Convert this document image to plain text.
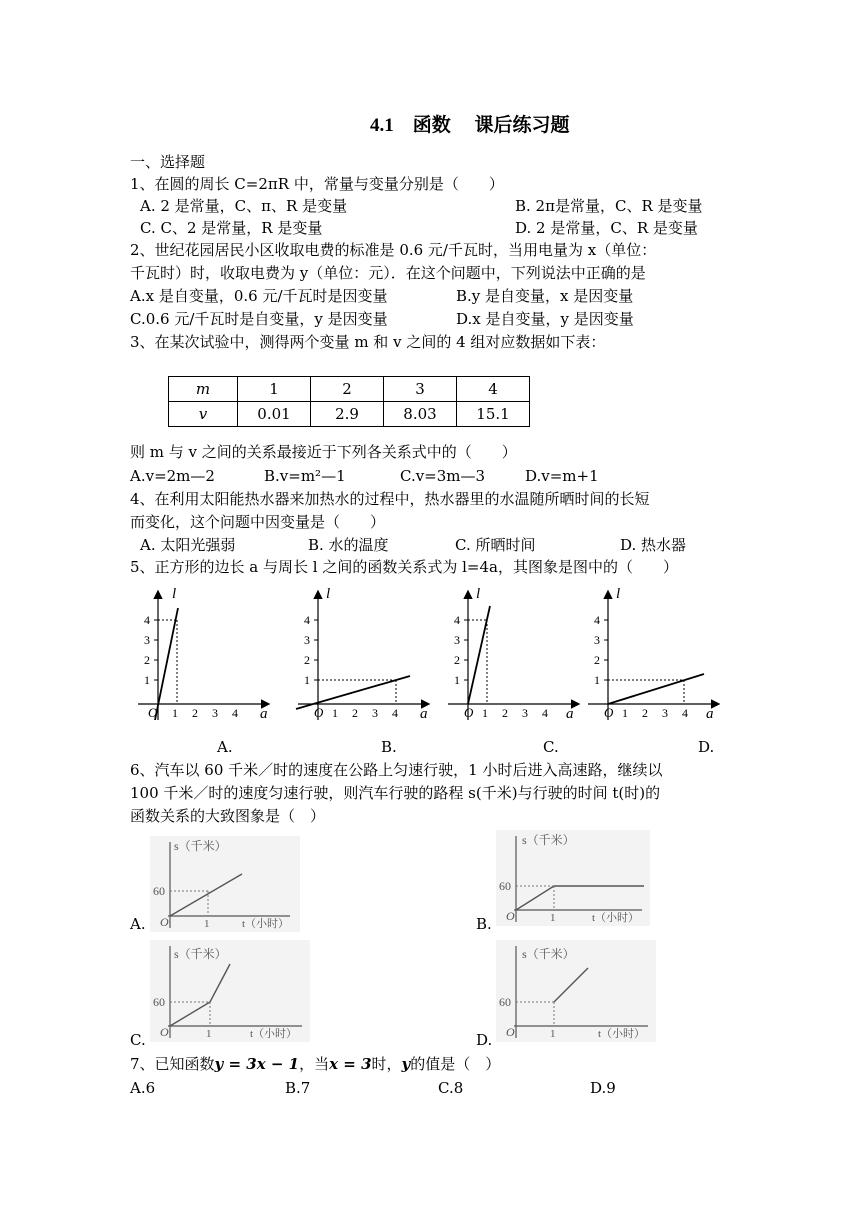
4.1　函数　 课后练习题
一、选择题
1、在圆的周长 C=2πR 中，常量与变量分别是（　　）
A. 2 是常量，C、π、R 是变量	B. 2π是常量，C、R 是变量
C. C、2 是常量，R 是变量	D. 2 是常量，C、R 是变量
2、世纪花园居民小区收取电费的标准是 0.6 元/千瓦时，当用电量为 x（单位：
千瓦时）时，收取电费为 y（单位：元）．在这个问题中，下列说法中正确的是
A.x 是自变量，0.6 元/千瓦时是因变量	B.y 是自变量，x 是因变量
C.0.6 元/千瓦时是自变量，y 是因变量	D.x 是自变量，y 是因变量
3、在某次试验中，测得两个变量 m 和 v 之间的 4 组对应数据如下表：
m	1	2	3	4
v	0.01	2.9	8.03	15.1
则 m 与 v 之间的关系最接近于下列各关系式中的（　　）
A.v=2m—2	B.v=m²—1	C.v=3m—3	D.v=m+1
4、在利用太阳能热水器来加热水的过程中，热水器里的水温随所晒时间的长短
而变化，这个问题中因变量是（　　）
A. 太阳光强弱	B. 水的温度	C. 所晒时间	D. 热水器
5、正方形的边长 a 与周长 l 之间的函数关系式为 l=4a，其图象是图中的（　　）
l
a
O 1 2 3 4
1
2
3
4
l
a
O 1 2 3 4
1
2
3
4
l
a
O 1 2 3 4
1
2
3
4
l
a
O 1 2 3 4
1
2
3
4
A.	B.	C.	D.
6、汽车以 60 千米／时的速度在公路上匀速行驶，1 小时后进入高速路，继续以
100 千米／时的速度匀速行驶，则汽车行驶的路程 s(千米)与行驶的时间 t(时)的
函数关系的大致图象是（　）
s（千米）
60
O	1	t（小时）
A.
s（千米）
60
O	1	t（小时）
B.
s（千米）
60
O	1	t（小时）
C.
s（千米）
60
O	1	t（小时）
D.
7、已知函数y = 3x − 1，当x = 3时，y的值是（　）
A.6	B.7	C.8	D.9
